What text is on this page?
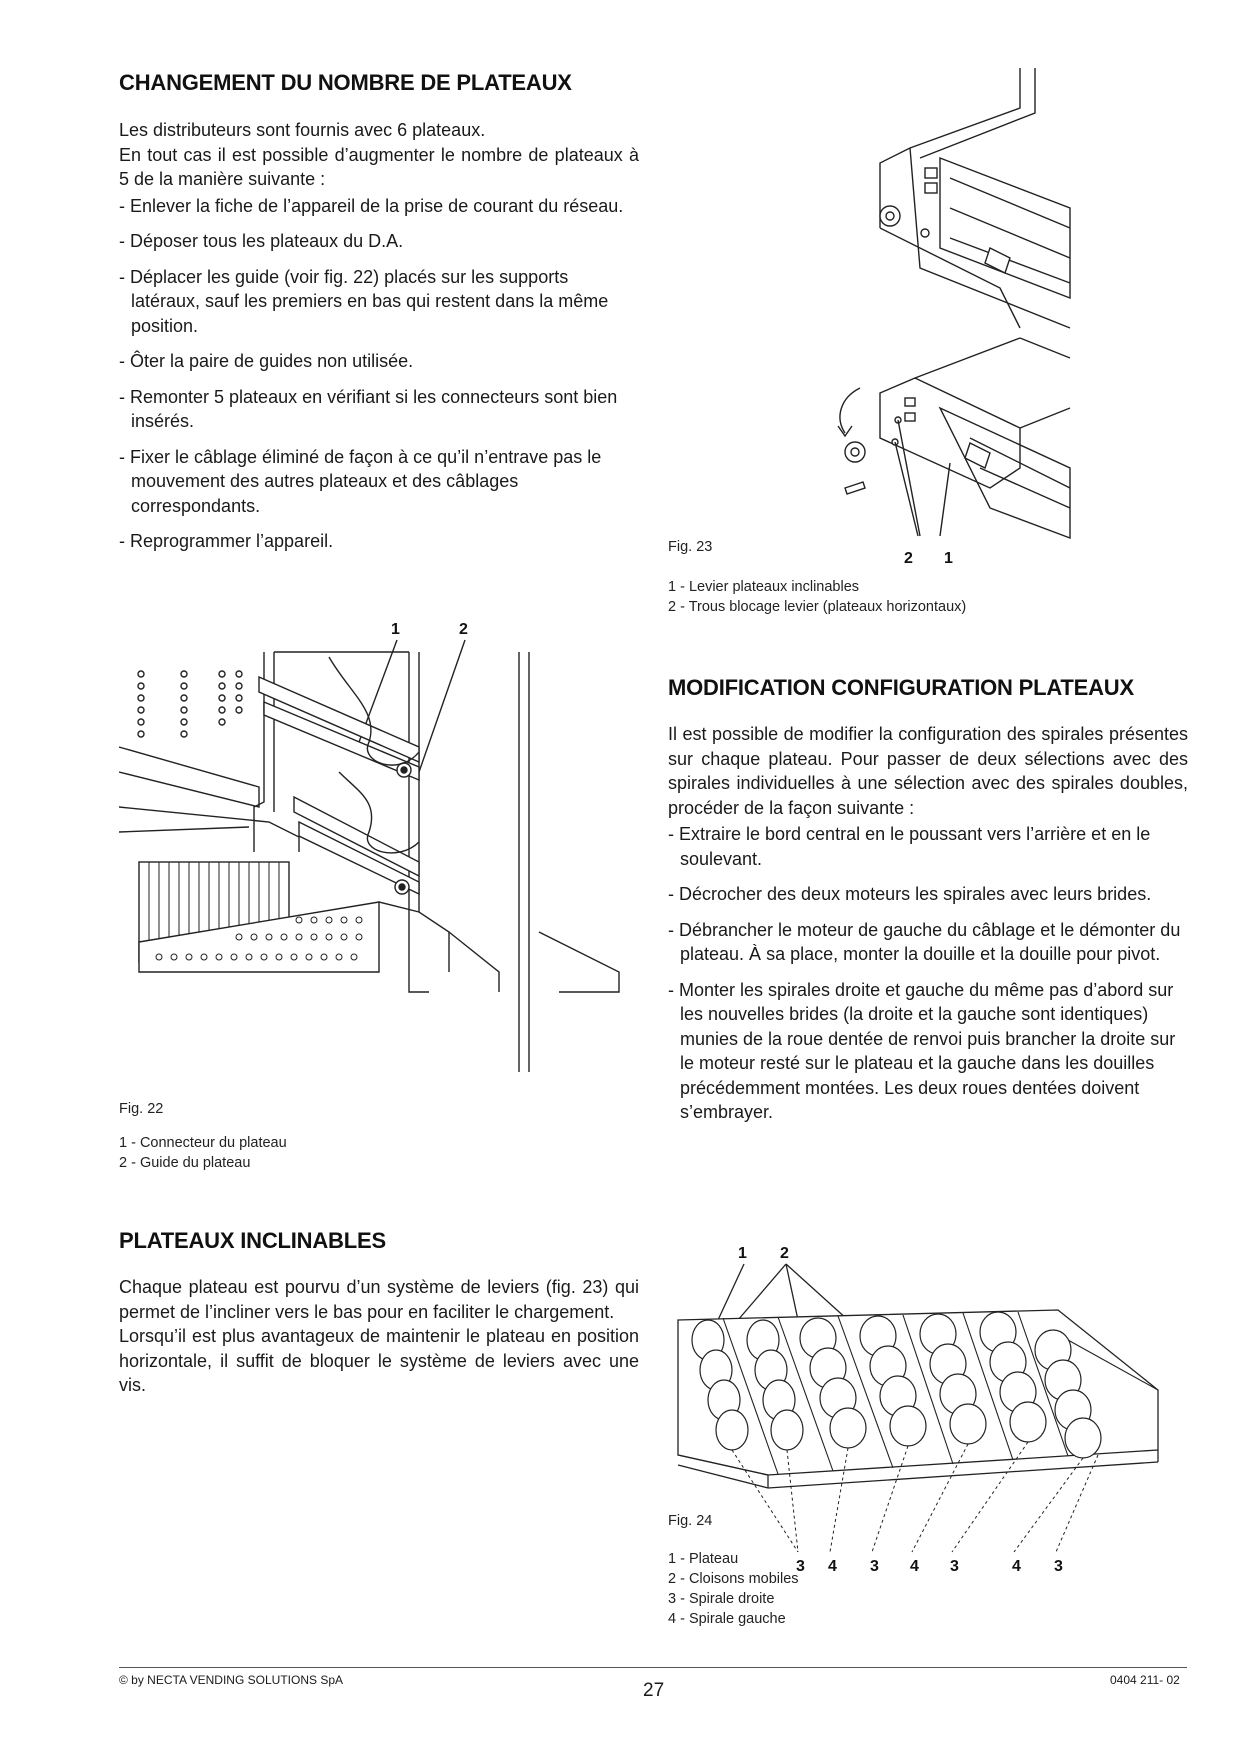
CHANGEMENT DU NOMBRE DE PLATEAUX

Les distributeurs sont fournis avec 6 plateaux.

En tout cas il est possible d’augmenter le nombre de plateaux à 5 de la manière suivante :

- Enlever la fiche de l’appareil de la prise de courant du réseau.
- Déposer tous les plateaux du D.A.
- Déplacer les guide (voir fig. 22) placés sur les supports latéraux, sauf les premiers en bas qui restent dans la même position.
- Ôter la paire de guides non utilisée.
- Remonter 5 plateaux en vérifiant si les connecteurs sont bien insérés.
- Fixer le câblage éliminé de façon à ce qu’il n’entrave pas le mouvement des autres plateaux et des câblages correspondants.
- Reprogrammer l’appareil.
1	2
Fig. 22
1 - Connecteur du plateau
2 - Guide du plateau
PLATEAUX INCLINABLES

Chaque plateau est pourvu d’un système de leviers (fig. 23) qui permet de l’incliner vers le bas pour en faciliter le chargement.

Lorsqu’il est plus avantageux de maintenir le plateau en position horizontale, il suffit de bloquer le système de leviers avec une vis.

2 1
Fig. 23
1 - Levier plateaux inclinables
2 - Trous blocage levier (plateaux horizontaux)
MODIFICATION CONFIGURATION PLATEAUX

Il est possible de modifier la configuration des spirales présentes sur chaque plateau. Pour passer de deux sélections avec des spirales individuelles à une sélection avec des spirales doubles, procéder de la façon suivante :

- Extraire le bord central en le poussant vers l’arrière et en le soulevant.
- Décrocher des deux moteurs les spirales avec leurs brides.
- Débrancher le moteur de gauche du câblage et le démonter du plateau. À sa place, monter la douille et la douille pour pivot.
- Monter les spirales droite et gauche du même pas d’abord sur les nouvelles brides (la droite et la gauche sont identiques) munies de la roue dentée de renvoi puis brancher la droite sur le moteur resté sur le plateau et la gauche dans les douilles précédemment montées. Les deux roues dentées doivent s’embrayer.
1 2
3 4 3 4 3	4 3
Fig. 24
1 - Plateau
2 - Cloisons mobiles
3 - Spirale droite
4 - Spirale gauche
© by NECTA VENDING SOLUTIONS SpA	27	0404 211- 02
